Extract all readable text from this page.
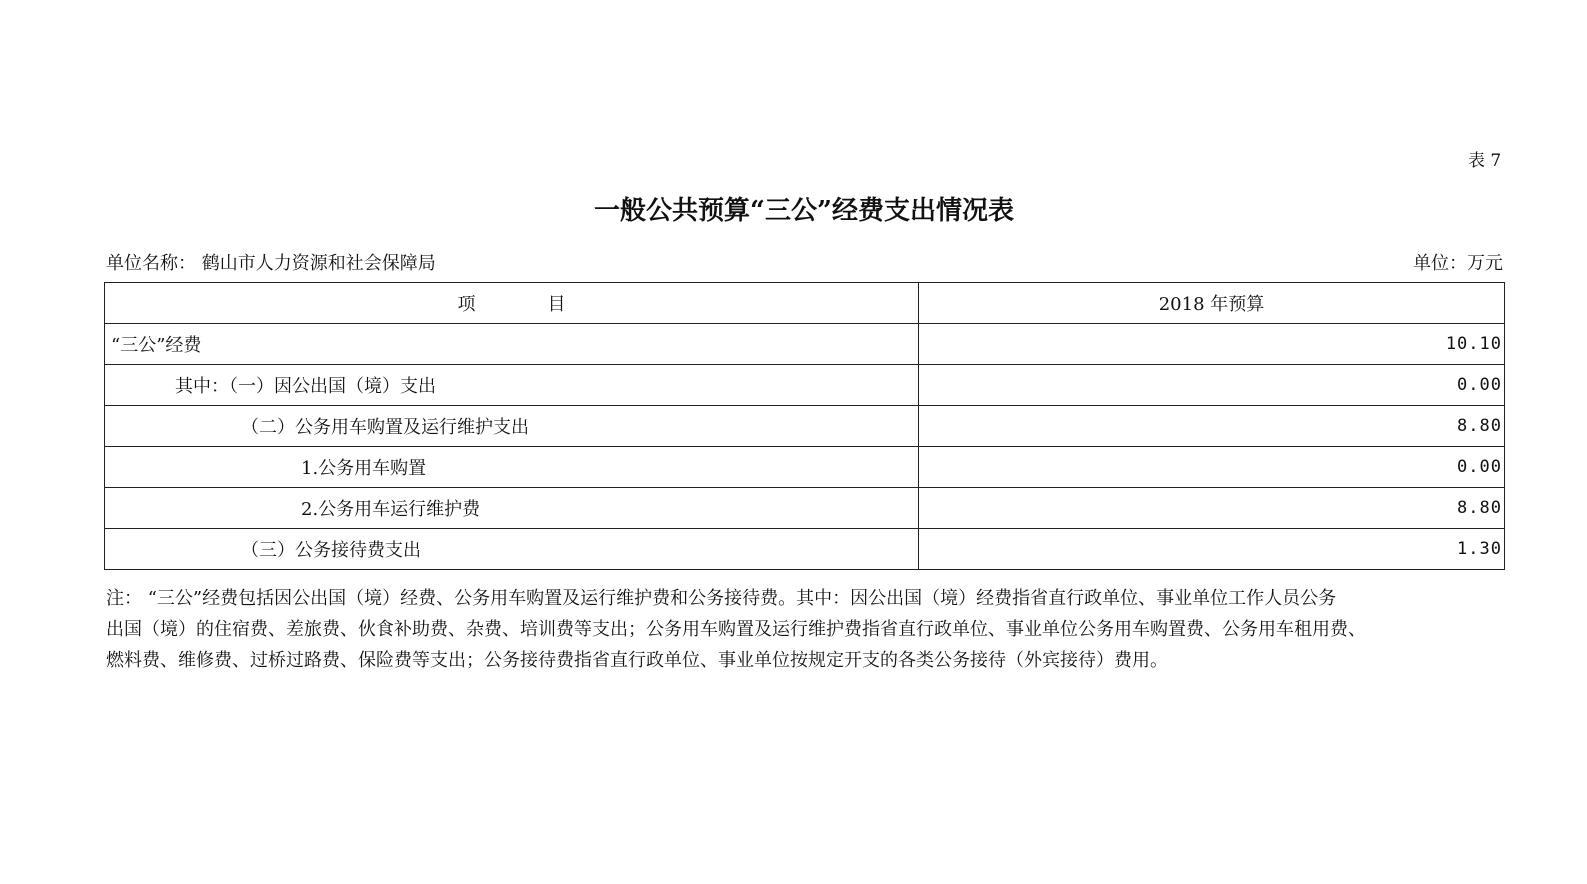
表 7
一般公共预算“三公”经费支出情况表
单位名称： 鹤山市人力资源和社会保障局	单位：万元
项　　　　目	2018 年预算
“三公”经费	10.10
其中：（一）因公出国（境）支出	0.00
（二）公务用车购置及运行维护支出	8.80
1.公务用车购置	0.00
2.公务用车运行维护费	8.80
（三）公务接待费支出	1.30
注： “三公”经费包括因公出国（境）经费、公务用车购置及运行维护费和公务接待费。其中：因公出国（境）经费指省直行政单位、事业单位工作人员公务
出国（境）的住宿费、差旅费、伙食补助费、杂费、培训费等支出；公务用车购置及运行维护费指省直行政单位、事业单位公务用车购置费、公务用车租用费、
燃料费、维修费、过桥过路费、保险费等支出；公务接待费指省直行政单位、事业单位按规定开支的各类公务接待（外宾接待）费用。
